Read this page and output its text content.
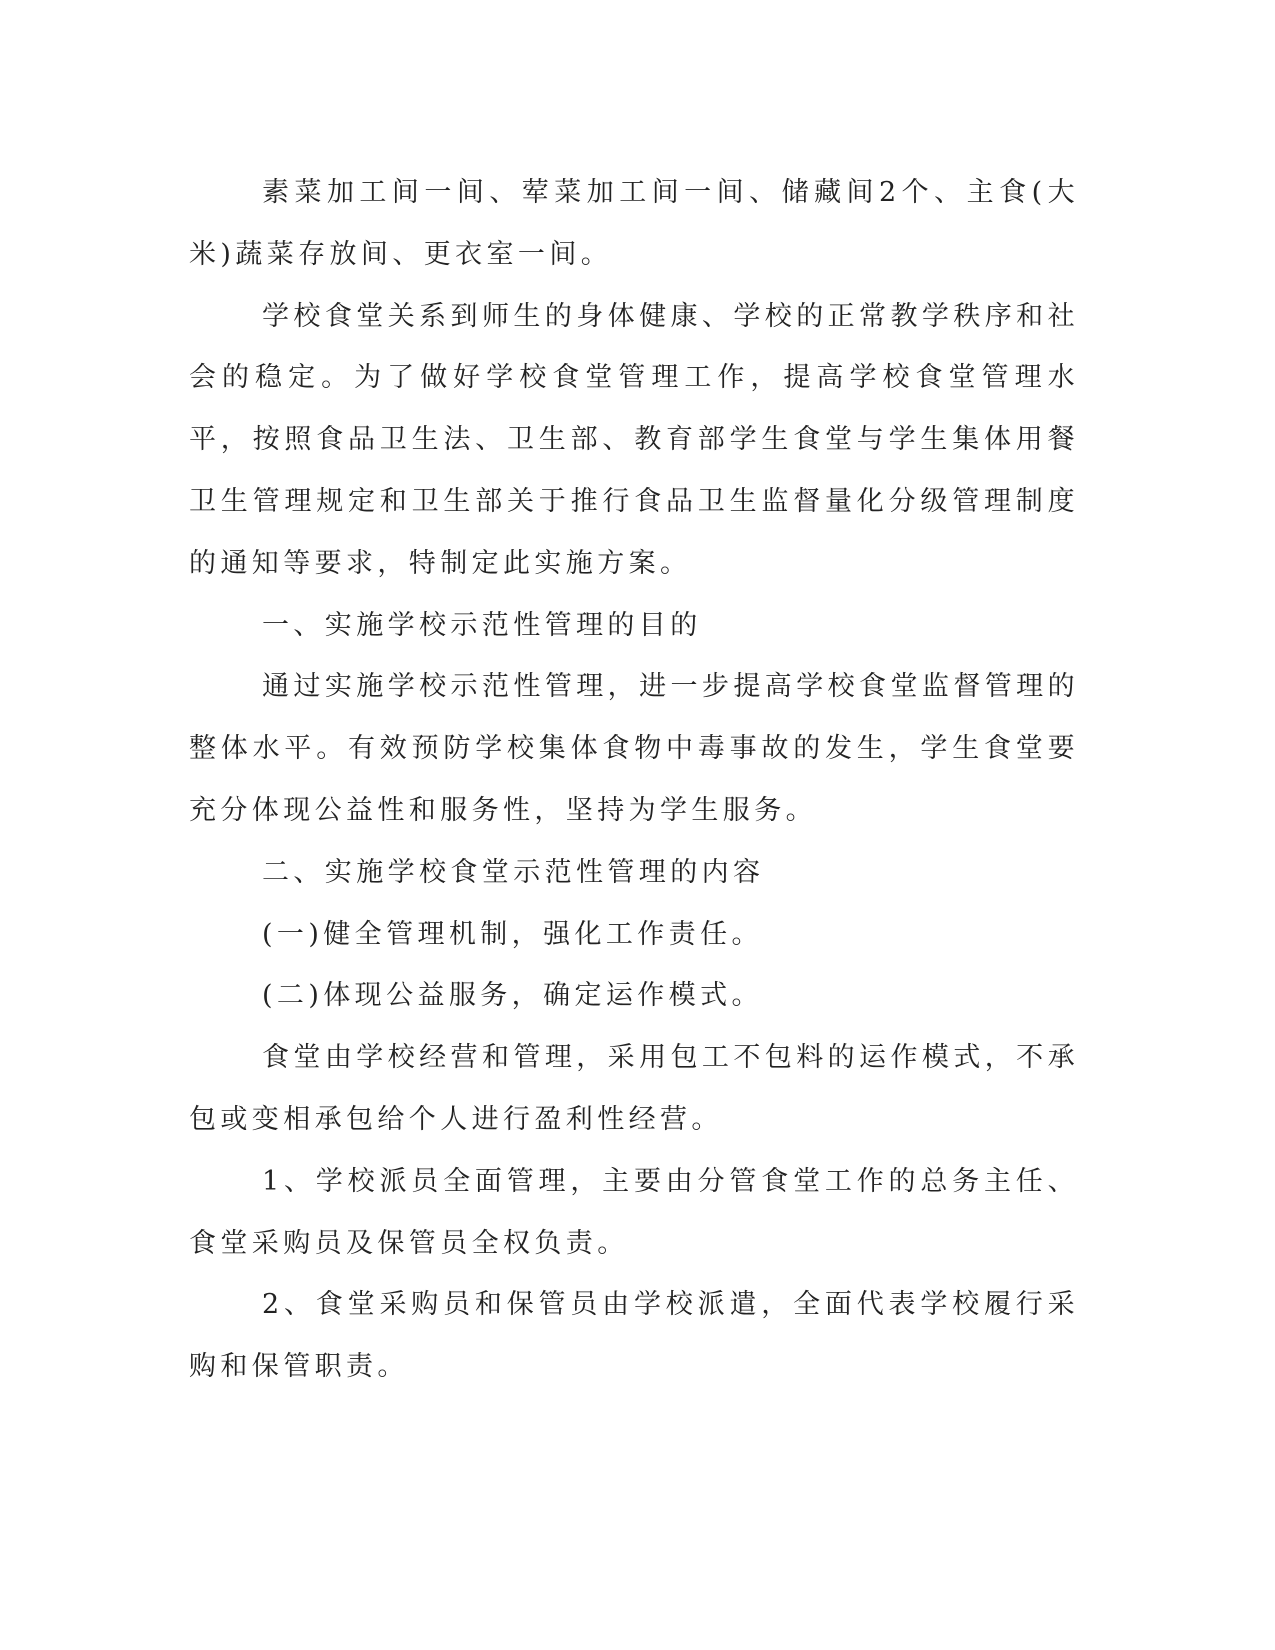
素菜加工间一间、荤菜加工间一间、储藏间2个、主食(大米)蔬菜存放间、更衣室一间。

学校食堂关系到师生的身体健康、学校的正常教学秩序和社会的稳定。为了做好学校食堂管理工作，提高学校食堂管理水平，按照食品卫生法、卫生部、教育部学生食堂与学生集体用餐卫生管理规定和卫生部关于推行食品卫生监督量化分级管理制度的通知等要求，特制定此实施方案。

一、实施学校示范性管理的目的

通过实施学校示范性管理，进一步提高学校食堂监督管理的整体水平。有效预防学校集体食物中毒事故的发生，学生食堂要充分体现公益性和服务性，坚持为学生服务。

二、实施学校食堂示范性管理的内容

(一)健全管理机制，强化工作责任。

(二)体现公益服务，确定运作模式。

食堂由学校经营和管理，采用包工不包料的运作模式，不承包或变相承包给个人进行盈利性经营。

1、学校派员全面管理，主要由分管食堂工作的总务主任、食堂采购员及保管员全权负责。

2、食堂采购员和保管员由学校派遣，全面代表学校履行采购和保管职责。
